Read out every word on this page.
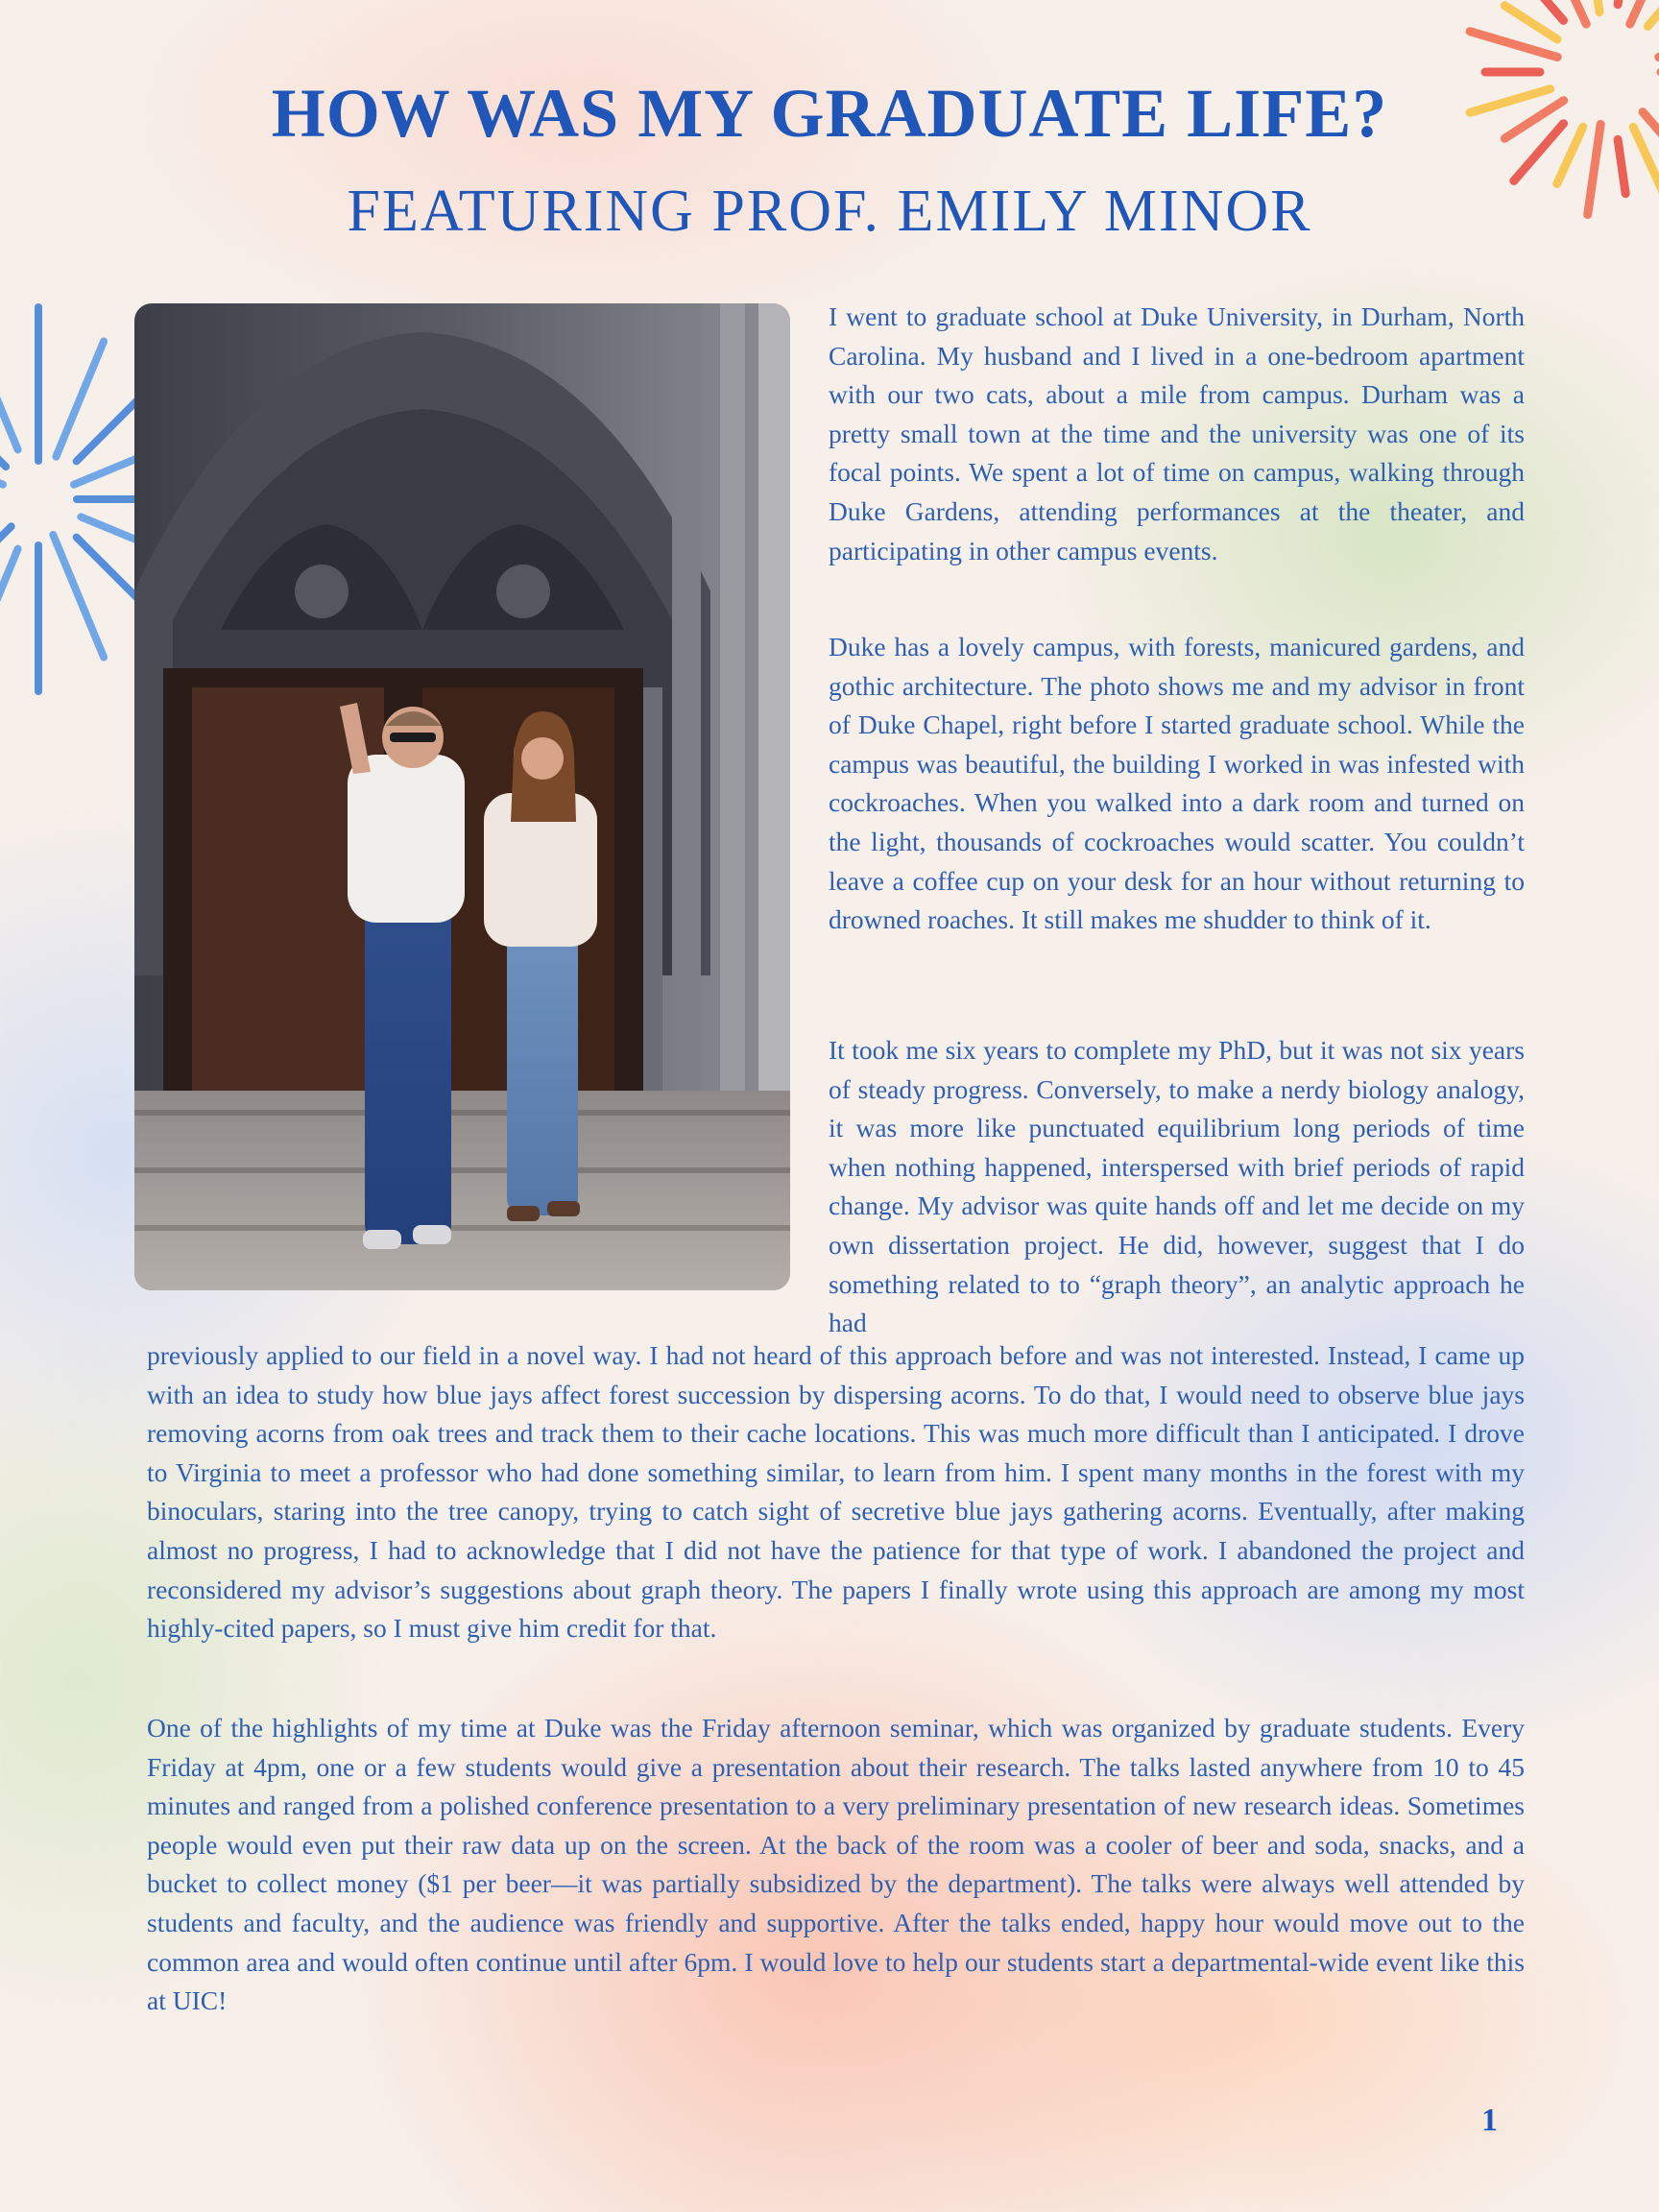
HOW WAS MY GRADUATE LIFE?
FEATURING PROF. EMILY MINOR

I went to graduate school at Duke University, in Durham, North Carolina. My husband and I lived in a one-bedroom apartment with our two cats, about a mile from campus. Durham was a pretty small town at the time and the university was one of its focal points. We spent a lot of time on campus, walking through Duke Gardens, attending performances at the theater, and participating in other campus events.

Duke has a lovely campus, with forests, manicured gardens, and gothic architecture. The photo shows me and my advisor in front of Duke Chapel, right before I started graduate school. While the campus was beautiful, the building I worked in was infested with cockroaches. When you walked into a dark room and turned on the light, thousands of cockroaches would scatter. You couldn’t leave a coffee cup on your desk for an hour without returning to drowned roaches. It still makes me shudder to think of it.

It took me six years to complete my PhD, but it was not six years of steady progress. Conversely, to make a nerdy biology analogy, it was more like punctuated equilibrium long periods of time when nothing happened, interspersed with brief periods of rapid change. My advisor was quite hands off and let me decide on my own dissertation project. He did, however, suggest that I do something related to to “graph theory”, an analytic approach he had

previously applied to our field in a novel way. I had not heard of this approach before and was not interested. Instead, I came up with an idea to study how blue jays affect forest succession by dispersing acorns. To do that, I would need to observe blue jays removing acorns from oak trees and track them to their cache locations. This was much more difficult than I anticipated. I drove to Virginia to meet a professor who had done something similar, to learn from him. I spent many months in the forest with my binoculars, staring into the tree canopy, trying to catch sight of secretive blue jays gathering acorns. Eventually, after making almost no progress, I had to acknowledge that I did not have the patience for that type of work. I abandoned the project and reconsidered my advisor’s suggestions about graph theory. The papers I finally wrote using this approach are among my most highly-cited papers, so I must give him credit for that.

One of the highlights of my time at Duke was the Friday afternoon seminar, which was organized by graduate students. Every Friday at 4pm, one or a few students would give a presentation about their research. The talks lasted anywhere from 10 to 45 minutes and ranged from a polished conference presentation to a very preliminary presentation of new research ideas. Sometimes people would even put their raw data up on the screen. At the back of the room was a cooler of beer and soda, snacks, and a bucket to collect money ($1 per beer—it was partially subsidized by the department). The talks were always well attended by students and faculty, and the audience was friendly and supportive. After the talks ended, happy hour would move out to the common area and would often continue until after 6pm. I would love to help our students start a departmental-wide event like this at UIC!

1
